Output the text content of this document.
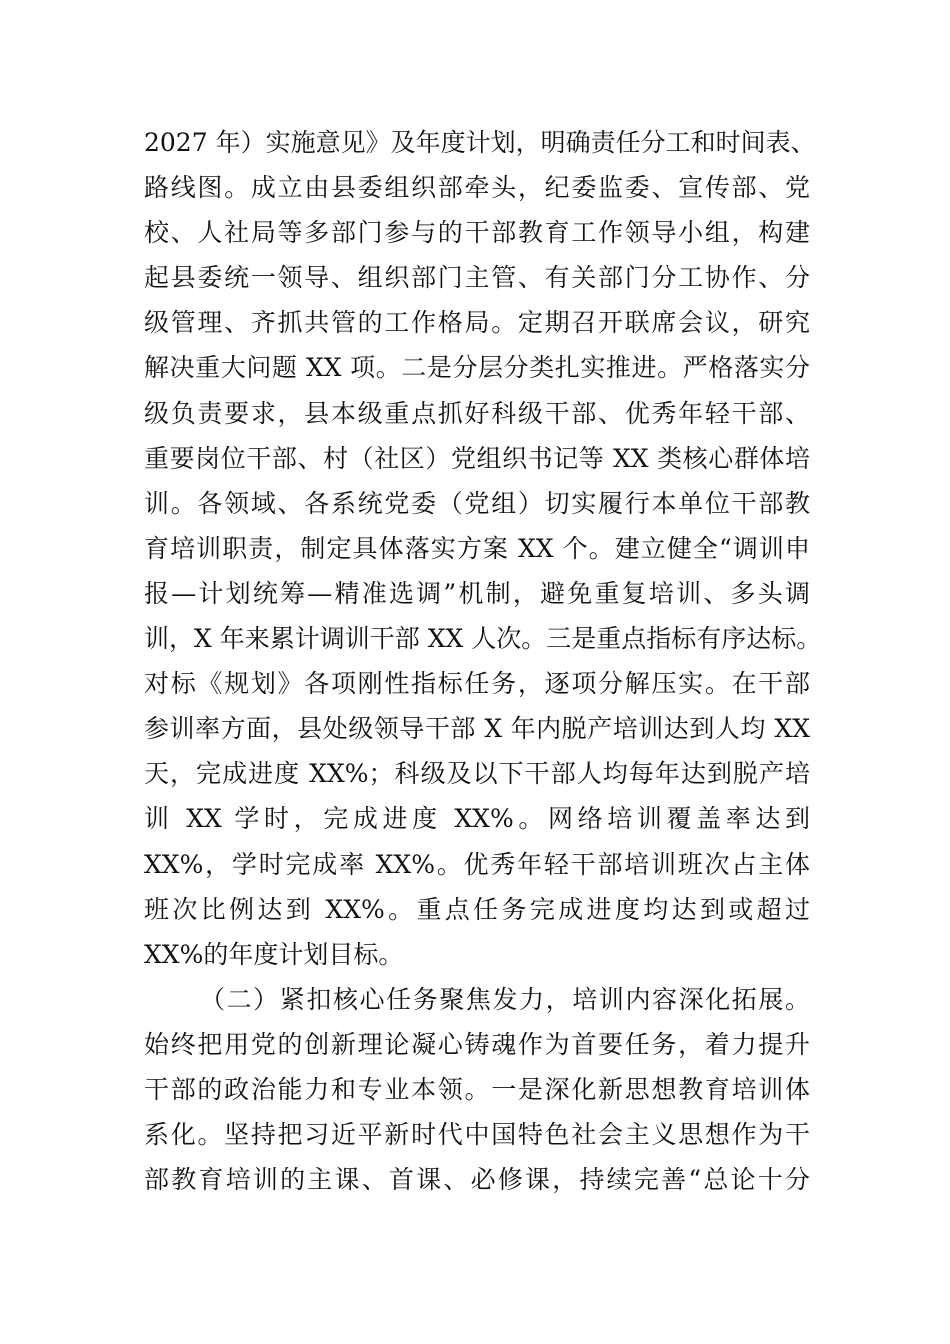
2027 年）实施意见》及年度计划，明确责任分工和时间表、
路线图。成立由县委组织部牵头，纪委监委、宣传部、党
校、人社局等多部门参与的干部教育工作领导小组，构建
起县委统一领导、组织部门主管、有关部门分工协作、分
级管理、齐抓共管的工作格局。定期召开联席会议，研究
解决重大问题 XX 项。二是分层分类扎实推进。严格落实分
级负责要求，县本级重点抓好科级干部、优秀年轻干部、
重要岗位干部、村（社区）党组织书记等 XX 类核心群体培
训。各领域、各系统党委（党组）切实履行本单位干部教
育培训职责，制定具体落实方案 XX 个。建立健全“调训申
报—计划统筹—精准选调”机制，避免重复培训、多头调
训，X 年来累计调训干部 XX 人次。三是重点指标有序达标。
对标《规划》各项刚性指标任务，逐项分解压实。在干部
参训率方面，县处级领导干部 X 年内脱产培训达到人均 XX
天，完成进度 XX%；科级及以下干部人均每年达到脱产培
训 XX 学时，完成进度 XX%。网络培训覆盖率达到
XX%，学时完成率 XX%。优秀年轻干部培训班次占主体
班次比例达到 XX%。重点任务完成进度均达到或超过
XX%的年度计划目标。
（二）紧扣核心任务聚焦发力，培训内容深化拓展。
始终把用党的创新理论凝心铸魂作为首要任务，着力提升
干部的政治能力和专业本领。一是深化新思想教育培训体
系化。坚持把习近平新时代中国特色社会主义思想作为干
部教育培训的主课、首课、必修课，持续完善“总论十分
